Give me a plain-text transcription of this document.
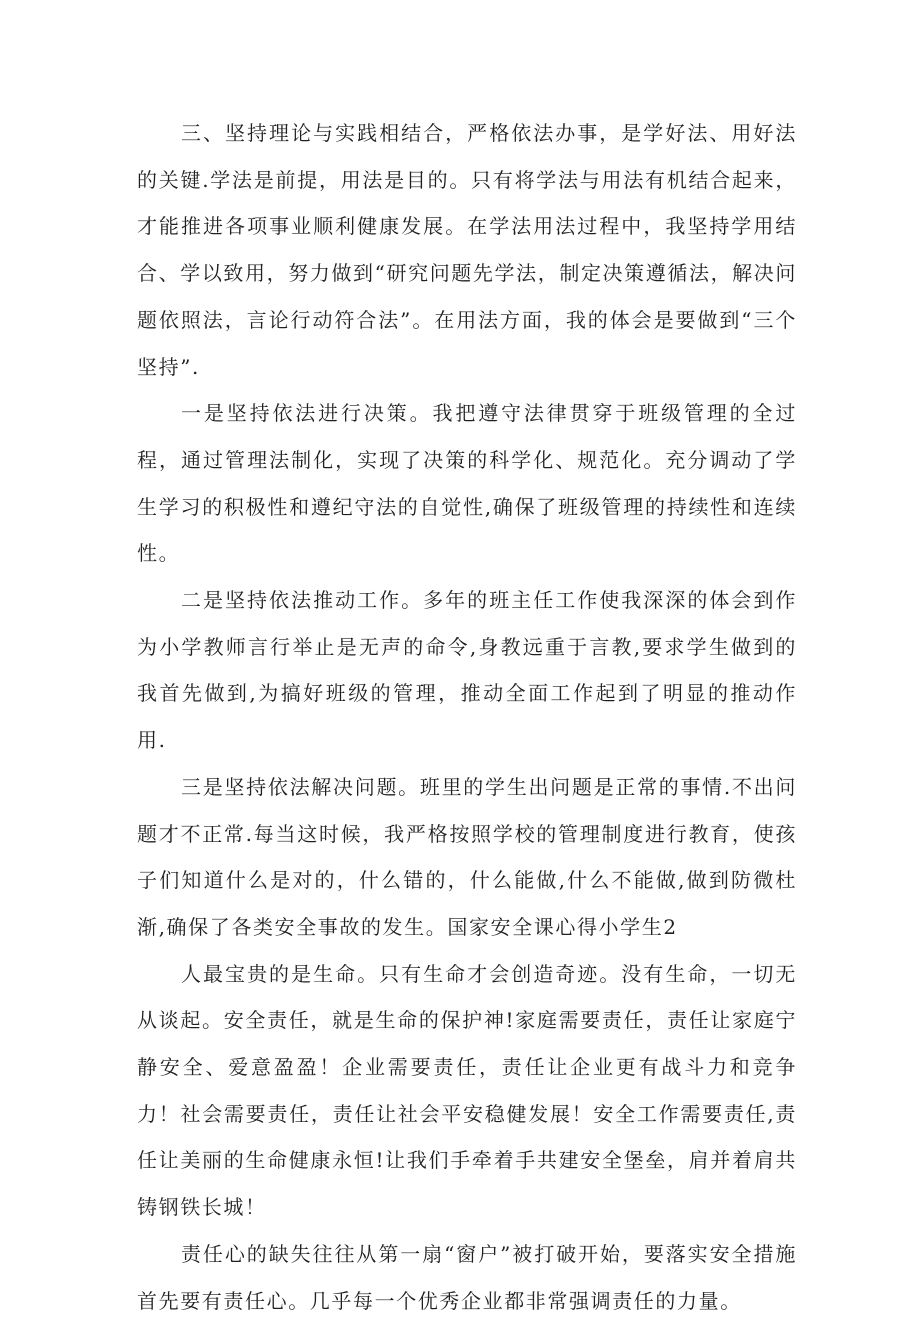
三、坚持理论与实践相结合，严格依法办事，是学好法、用好法的关键.学法是前提，用法是目的。只有将学法与用法有机结合起来，才能推进各项事业顺利健康发展。在学法用法过程中，我坚持学用结合、学以致用，努力做到“研究问题先学法，制定决策遵循法，解决问题依照法，言论行动符合法”。在用法方面，我的体会是要做到“三个坚持”.

一是坚持依法进行决策。我把遵守法律贯穿于班级管理的全过程，通过管理法制化，实现了决策的科学化、规范化。充分调动了学生学习的积极性和遵纪守法的自觉性,确保了班级管理的持续性和连续性。

二是坚持依法推动工作。多年的班主任工作使我深深的体会到作为小学教师言行举止是无声的命令,身教远重于言教,要求学生做到的我首先做到,为搞好班级的管理，推动全面工作起到了明显的推动作用.

三是坚持依法解决问题。班里的学生出问题是正常的事情.不出问题才不正常.每当这时候，我严格按照学校的管理制度进行教育，使孩子们知道什么是对的，什么错的，什么能做,什么不能做,做到防微杜渐,确保了各类安全事故的发生。国家安全课心得小学生2

人最宝贵的是生命。只有生命才会创造奇迹。没有生命，一切无从谈起。安全责任，就是生命的保护神!家庭需要责任，责任让家庭宁静安全、爱意盈盈！企业需要责任，责任让企业更有战斗力和竞争力！社会需要责任，责任让社会平安稳健发展！安全工作需要责任,责任让美丽的生命健康永恒!让我们手牵着手共建安全堡垒，肩并着肩共铸钢铁长城！

责任心的缺失往往从第一扇“窗户”被打破开始，要落实安全措施首先要有责任心。几乎每一个优秀企业都非常强调责任的力量。
